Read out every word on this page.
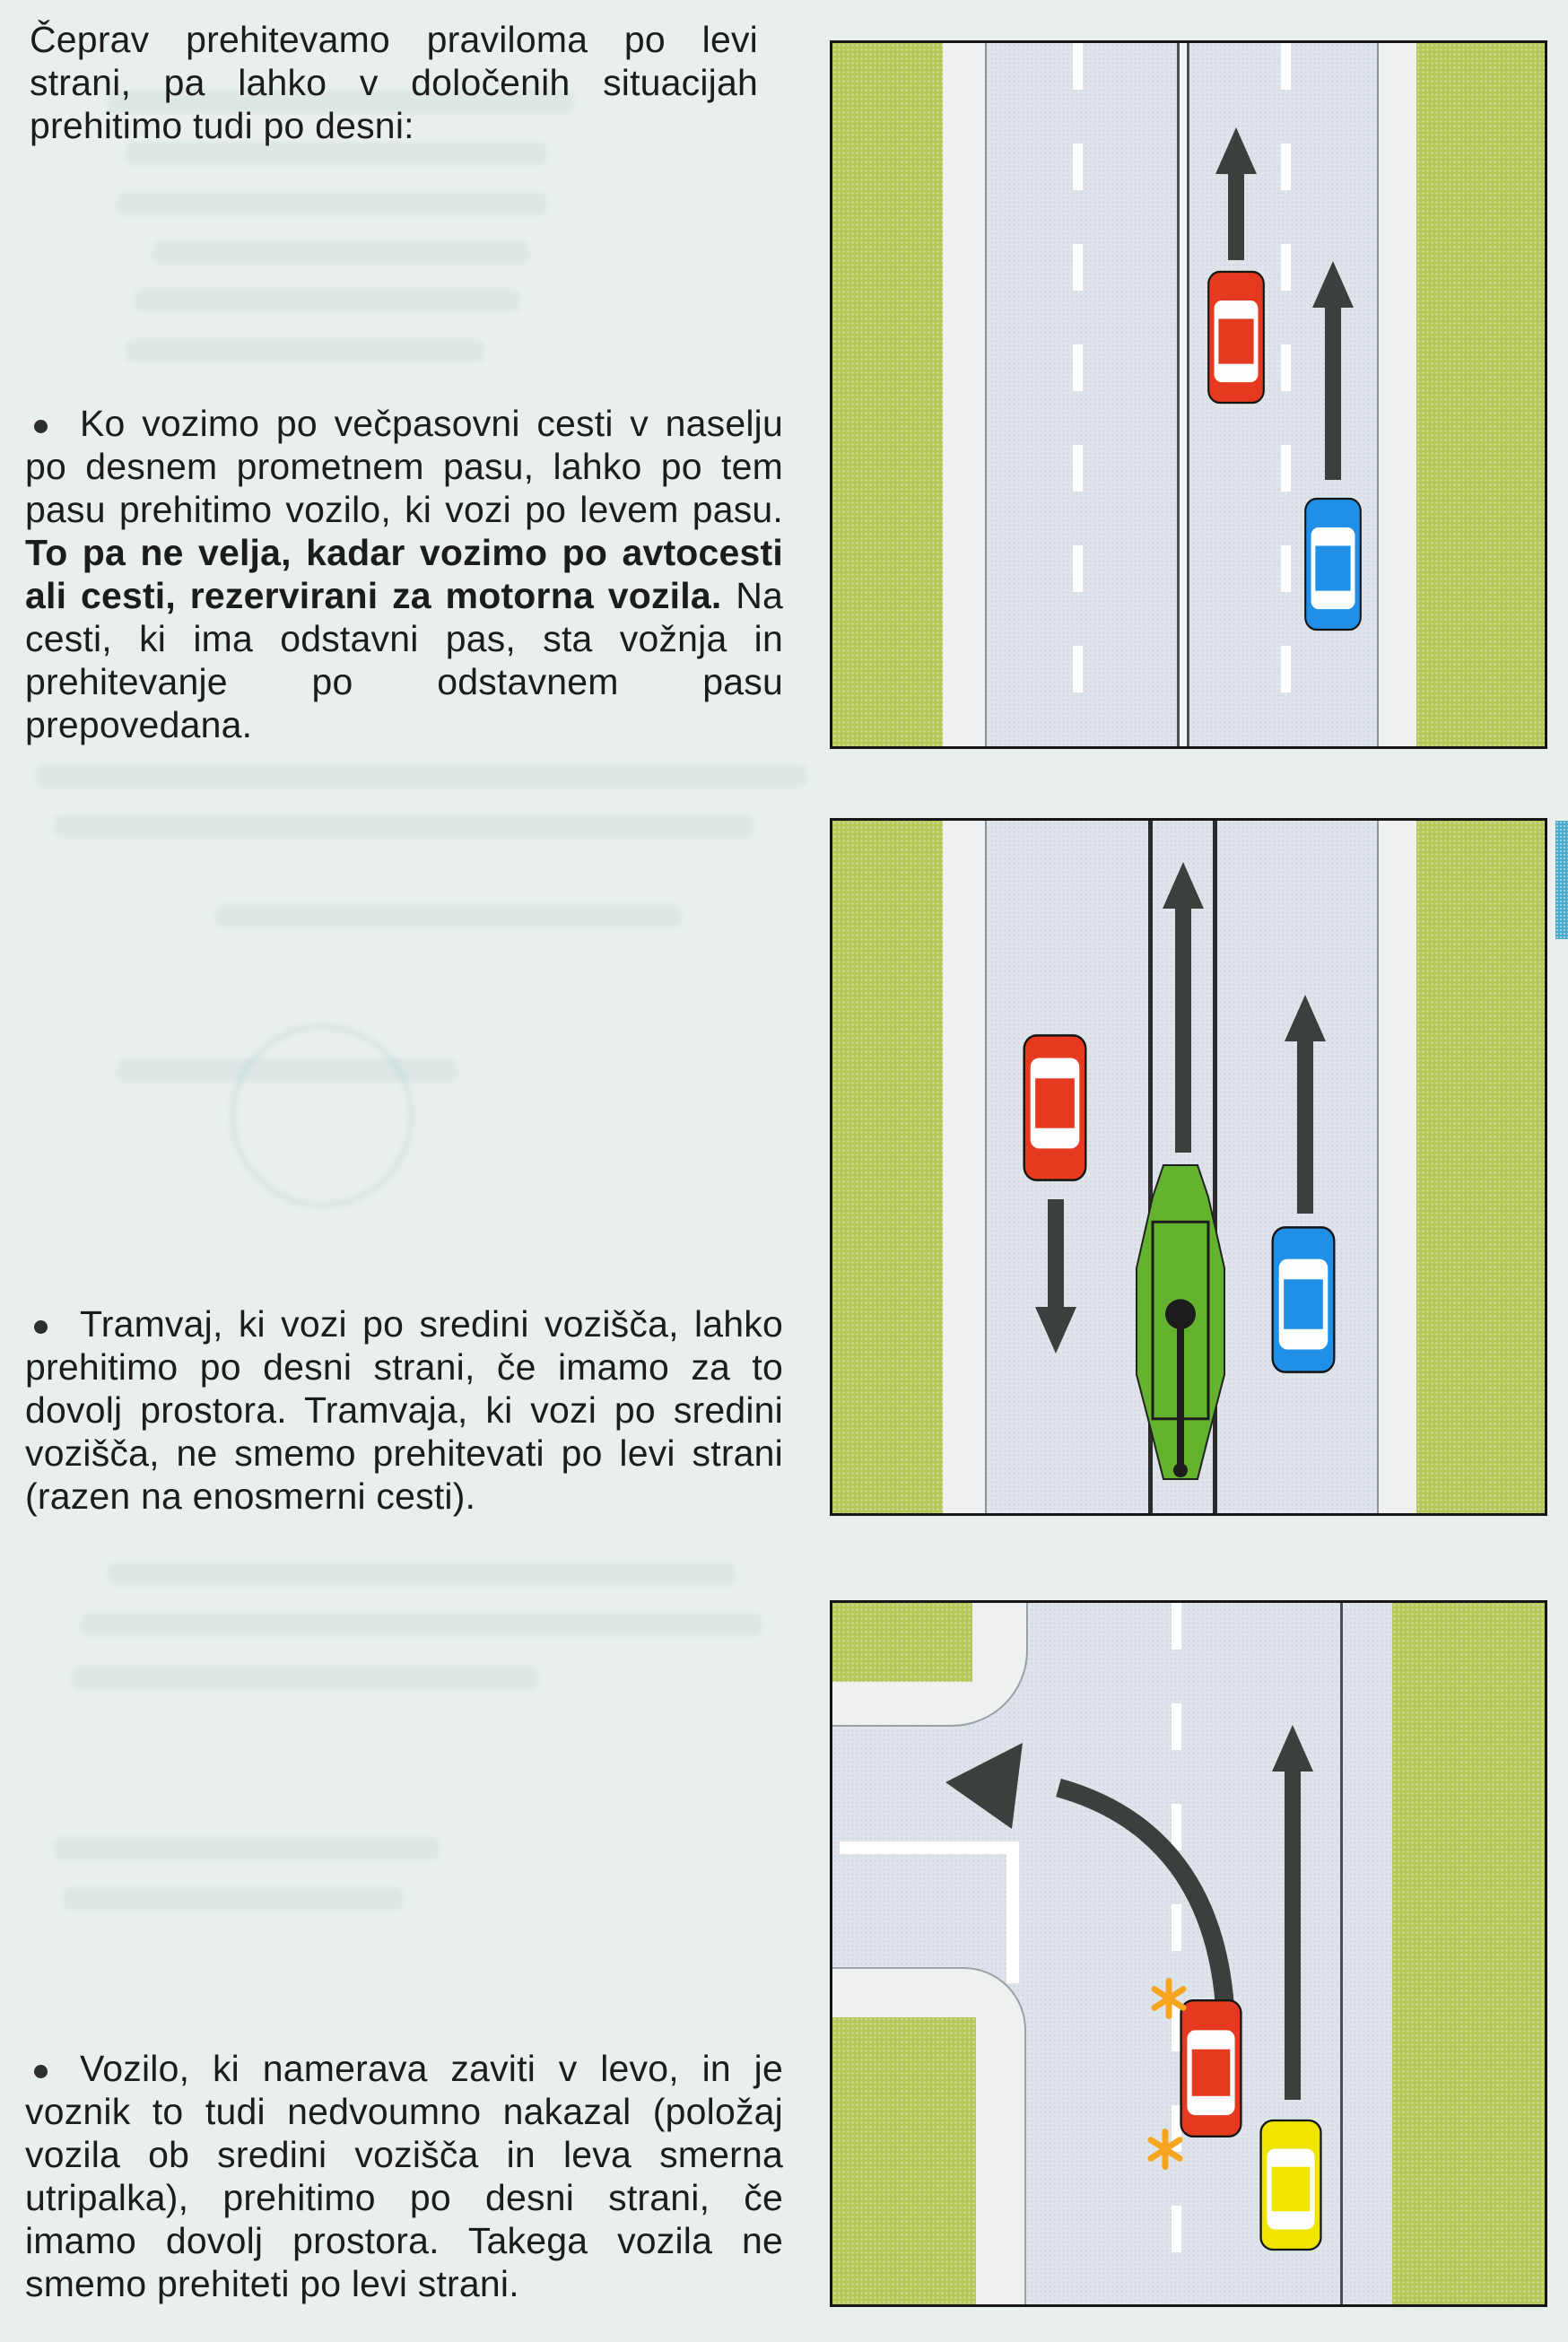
Čeprav prehitevamo praviloma po levi strani, pa lahko v določenih situacijah prehitimo tudi po desni:

Ko vozimo po večpasovni cesti v naselju po desnem prometnem pasu, lahko po tem pasu prehitimo vozilo, ki vozi po levem pasu. To pa ne velja, kadar vozimo po avtocesti ali cesti, rezervirani za motorna vozila. Na cesti, ki ima odstavni pas, sta vožnja in prehitevanje po odstavnem pasu prepovedana.

Tramvaj, ki vozi po sredini vozišča, lahko prehitimo po desni strani, če imamo za to dovolj prostora. Tramvaja, ki vozi po sredini vozišča, ne smemo prehitevati po levi strani (razen na enosmerni cesti).

Vozilo, ki namerava zaviti v levo, in je voznik to tudi nedvoumno nakazal (položaj vozila ob sredini vozišča in leva smerna utripalka), prehitimo po desni strani, če imamo dovolj prostora. Takega vozila ne smemo prehiteti po levi strani.
